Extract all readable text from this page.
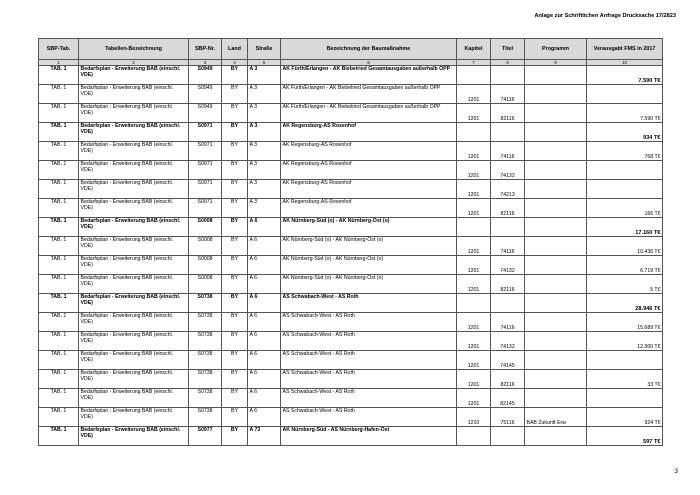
Anlage zur Schriftlichen Anfrage Drucksache 17/2823
SBP-Tab.	Tabellen-Bezeichnung	SBP-Nr.	Land	Straße	Bezeichnung der Baumaßnahme	Kapitel	Titel	Programm	Verausgabt FMS in 2017
1	2	3	4	5	6	7	8	9	10
TAB. 1	Bedarfsplan - Erweiterung BAB (einschl. VDE)	S0949	BY	A 3	AK Fürth/Erlangen - AK Biebelried Gesamtausgaben außerhalb ÖPP				7.590 T€
TAB. 1	Bedarfsplan - Erweiterung BAB (einschl. VDE)	S0949	BY	A 3	AK Fürth/Erlangen - AK Biebelried Gesamtausgaben außerhalb ÖPP	1201	74116		
TAB. 1	Bedarfsplan - Erweiterung BAB (einschl. VDE)	S0949	BY	A 3	AK Fürth/Erlangen - AK Biebelried Gesamtausgaben außerhalb ÖPP	1201	82116		7.590 T€
TAB. 1	Bedarfsplan - Erweiterung BAB (einschl. VDE)	S0971	BY	A 3	AK Regensburg-AS Rosenhof				934 T€
TAB. 1	Bedarfsplan - Erweiterung BAB (einschl. VDE)	S0971	BY	A 3	AK Regensburg-AS Rosenhof	1201	74116		768 T€
TAB. 1	Bedarfsplan - Erweiterung BAB (einschl. VDE)	S0971	BY	A 3	AK Regensburg-AS Rosenhof	1201	74132		
TAB. 1	Bedarfsplan - Erweiterung BAB (einschl. VDE)	S0971	BY	A 3	AK Regensburg-AS Rosenhof	1201	74213		
TAB. 1	Bedarfsplan - Erweiterung BAB (einschl. VDE)	S0971	BY	A 3	AK Regensburg-AS Rosenhof	1201	82116		166 T€
TAB. 1	Bedarfsplan - Erweiterung BAB (einschl. VDE)	S0008	BY	A 6	AK Nürnberg-Süd (o) - AK Nürnberg-Ost (o)				17.160 T€
TAB. 1	Bedarfsplan - Erweiterung BAB (einschl. VDE)	S0008	BY	A 6	AK Nürnberg-Süd (o) - AK Nürnberg-Ost (o)	1201	74116		10.436 T€
TAB. 1	Bedarfsplan - Erweiterung BAB (einschl. VDE)	S0008	BY	A 6	AK Nürnberg-Süd (o) - AK Nürnberg-Ost (o)	1201	74132		6.719 T€
TAB. 1	Bedarfsplan - Erweiterung BAB (einschl. VDE)	S0008	BY	A 6	AK Nürnberg-Süd (o) - AK Nürnberg-Ost (o)	1201	82116		5 T€
TAB. 1	Bedarfsplan - Erweiterung BAB (einschl. VDE)	S0738	BY	A 6	AS Schwabach-West - AS Roth				28.946 T€
TAB. 1	Bedarfsplan - Erweiterung BAB (einschl. VDE)	S0738	BY	A 6	AS Schwabach-West - AS Roth	1201	74116		15.689 T€
TAB. 1	Bedarfsplan - Erweiterung BAB (einschl. VDE)	S0738	BY	A 6	AS Schwabach-West - AS Roth	1201	74132		12.300 T€
TAB. 1	Bedarfsplan - Erweiterung BAB (einschl. VDE)	S0738	BY	A 6	AS Schwabach-West - AS Roth	1201	74145		
TAB. 1	Bedarfsplan - Erweiterung BAB (einschl. VDE)	S0738	BY	A 6	AS Schwabach-West - AS Roth	1201	82116		33 T€
TAB. 1	Bedarfsplan - Erweiterung BAB (einschl. VDE)	S0738	BY	A 6	AS Schwabach-West - AS Roth	1201	82145		
TAB. 1	Bedarfsplan - Erweiterung BAB (einschl. VDE)	S0738	BY	A 6	AS Schwabach-West - AS Roth	1210	75116	BAB Zukunft Erw	924 T€
TAB. 1	Bedarfsplan - Erweiterung BAB (einschl. VDE)	S0977	BY	A 73	AK Nürnberg-Süd - AS Nürnberg-Hafen-Ost				597 T€
3
